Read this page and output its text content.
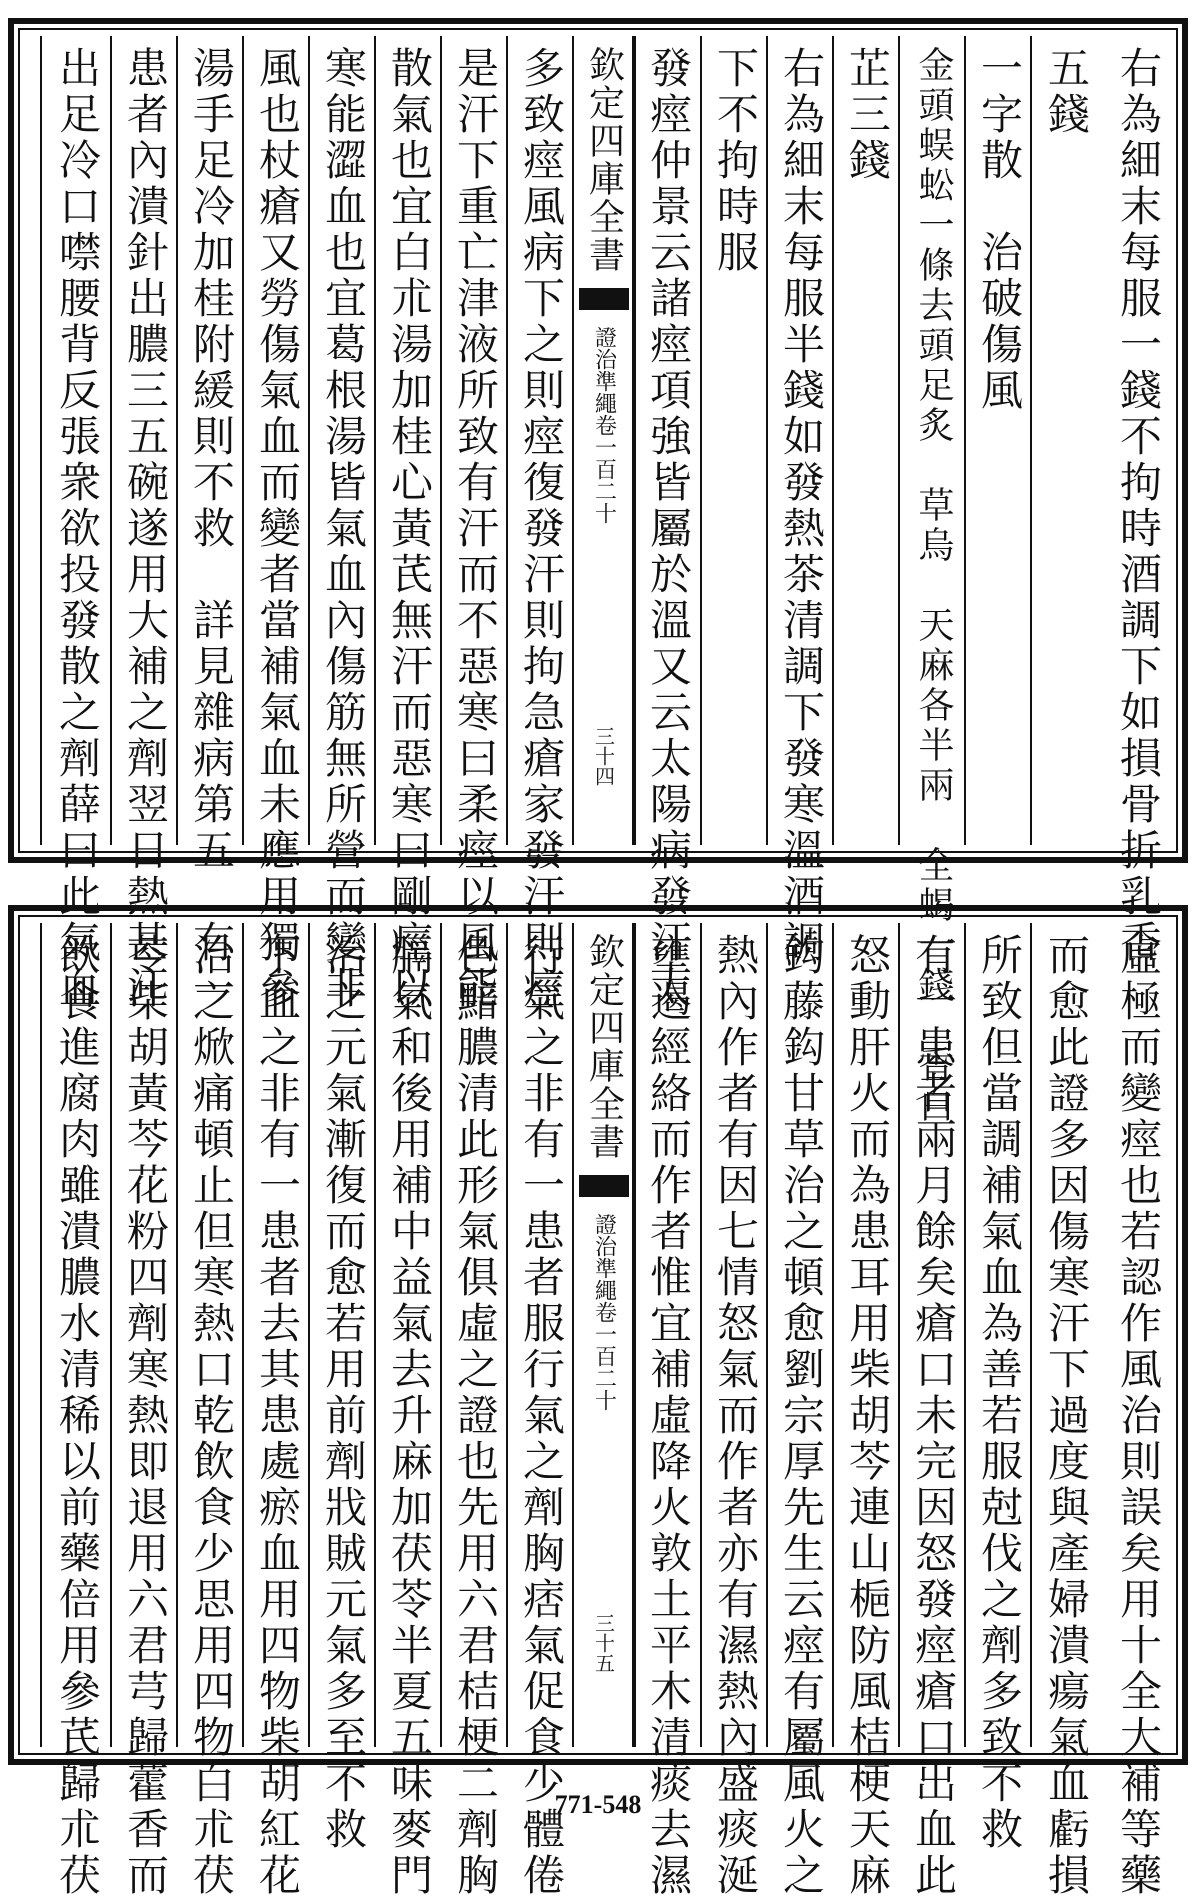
右為細末每服一錢不拘時酒調下如損骨折乳香
五錢
一字散　治破傷風
金頭蜈蚣一條去頭足炙　草烏　天麻各半兩　全蝎一錢　香白
芷三錢
右為細末每服半錢如發熱茶清調下發寒溫酒調
下不拘時服
發痙仲景云諸痙項強皆屬於溫又云太陽病發汗太
欽定四庫全書
證治準繩卷一百二十
三十四
多致痙風病下之則痙復發汗則拘急瘡家發汗則痙
是汗下重亡津液所致有汗而不惡寒曰柔痙以風能
散氣也宜白朮湯加桂心黃芪無汗而惡寒曰剛痙以
寒能澀血也宜葛根湯皆氣血內傷筋無所營而變非
風也杖瘡又勞傷氣血而變者當補氣血未應用獨參
湯手足冷加桂附緩則不救　詳見雜病第五　有一
患者內潰針出膿三五碗遂用大補之劑翌日熱甚汗
出足冷口噤腰背反張衆欲投發散之劑薛曰此氣血
虛極而變痙也若認作風治則誤矣用十全大補等藥
而愈此證多因傷寒汗下過度與產婦潰瘍氣血虧損
所致但當調補氣血為善若服尅伐之劑多致不救
有一患者兩月餘矣瘡口未完因怒發痙瘡口出血此
怒動肝火而為患耳用柴胡芩連山梔防風桔梗天麻
鈎藤鈎甘草治之頓愈劉宗厚先生云痙有屬風火之
熱內作者有因七情怒氣而作者亦有濕熱內盛痰涎
壅遏經絡而作者惟宜補虛降火敦土平木清痰去濕
欽定四庫全書
證治準繩卷一百二十
三十五
行氣之非有一患者服行氣之劑胸痞氣促食少體倦
色黯膿清此形氣俱虛之證也先用六君桔梗二劑胸
膈氣和後用補中益氣去升麻加茯苓半夏五味麥門
治之元氣漸復而愈若用前劑戕賊元氣多至不救
下血之非有一患者去其患處瘀血用四物柴胡紅花
治之焮痛頓止但寒熱口乾飲食少思用四物白朮茯
苓柴胡黃芩花粉四劑寒熱即退用六君芎歸藿香而
飲食進腐肉雖潰膿水清稀以前藥倍用參芪歸朮茯	771-548
